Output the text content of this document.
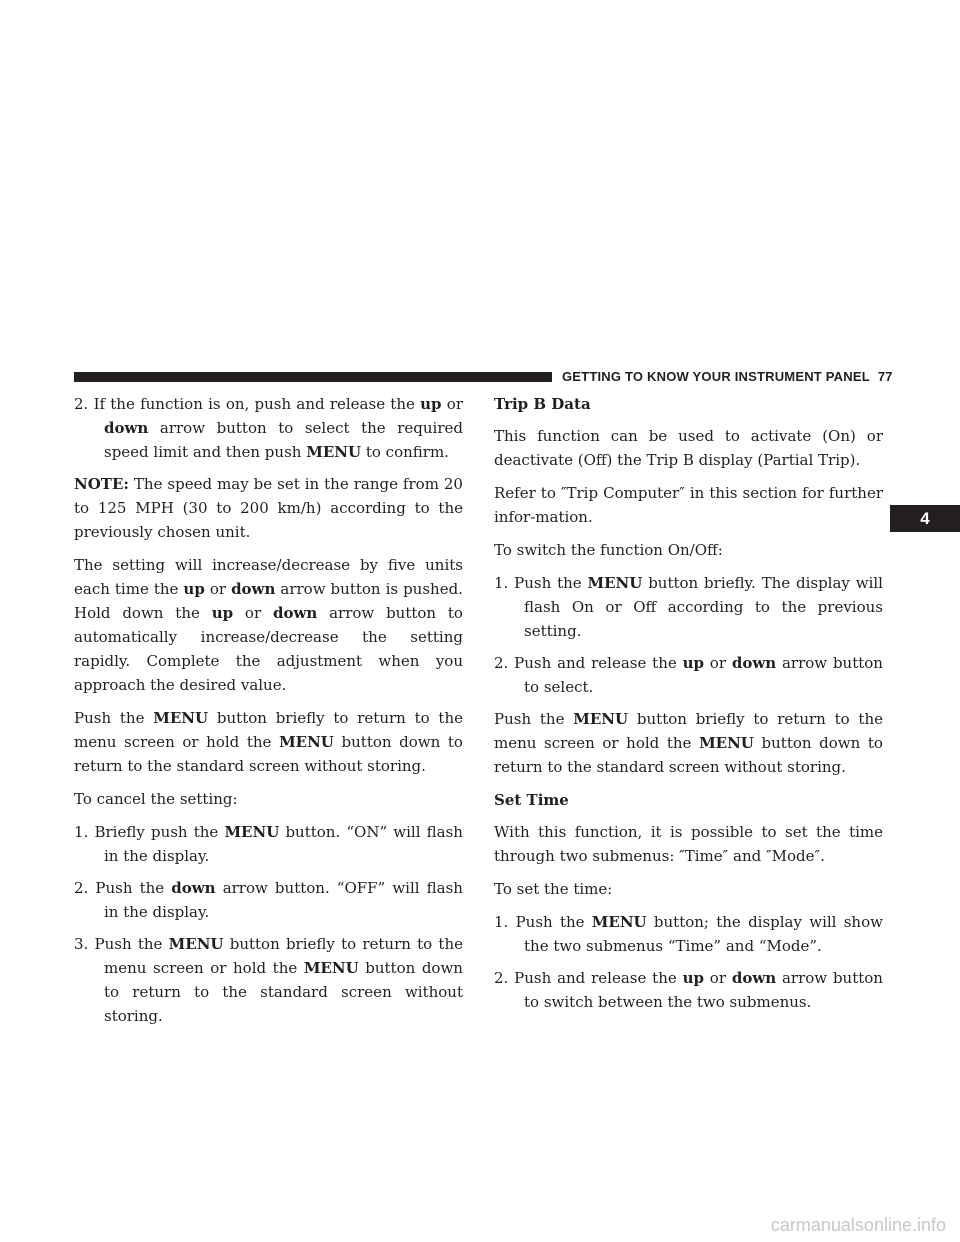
GETTING TO KNOW YOUR INSTRUMENT PANEL 77
4

2. If the function is on, push and release the up or down arrow button to select the required speed limit and then push MENU to confirm.

NOTE: The speed may be set in the range from 20 to 125 MPH (30 to 200 km/h) according to the previously chosen unit.

The setting will increase/decrease by five units each time the up or down arrow button is pushed. Hold down the up or down arrow button to automatically increase/decrease the setting rapidly. Complete the adjustment when you approach the desired value.

Push the MENU button briefly to return to the menu screen or hold the MENU button down to return to the standard screen without storing.

To cancel the setting:

1. Briefly push the MENU button. “ON” will flash in the display.

2. Push the down arrow button. “OFF” will flash in the display.

3. Push the MENU button briefly to return to the menu screen or hold the MENU button down to return to the standard screen without storing.

Trip B Data

This function can be used to activate (On) or deactivate (Off) the Trip B display (Partial Trip).

Refer to ″Trip Computer″ in this section for further infor-mation.

To switch the function On/Off:

1. Push the MENU button briefly. The display will flash On or Off according to the previous setting.

2. Push and release the up or down arrow button to select.

Push the MENU button briefly to return to the menu screen or hold the MENU button down to return to the standard screen without storing.

Set Time

With this function, it is possible to set the time through two submenus: ″Time″ and ″Mode″.

To set the time:

1. Push the MENU button; the display will show the two submenus “Time” and “Mode”.

2. Push and release the up or down arrow button to switch between the two submenus.

carmanualsonline.info
